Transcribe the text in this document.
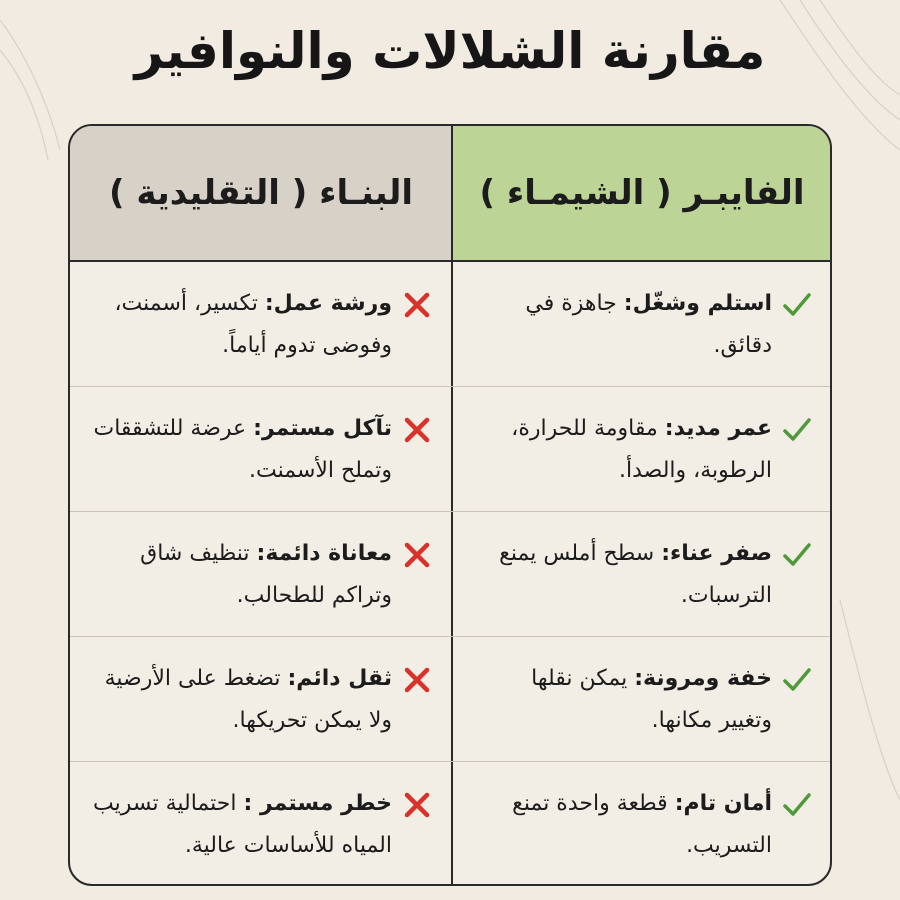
مقارنة الشلالات والنوافير
الفايبـر ( الشيمـاء )
البنـاء ( التقليدية )
استلم وشغّل: جاهزة في دقائق.
ورشة عمل: تكسير، أسمنت، وفوضى تدوم أياماً.
عمر مديد: مقاومة للحرارة، الرطوبة، والصدأ.
تآكل مستمر: عرضة للتشققات وتملح الأسمنت.
صفر عناء: سطح أملس يمنع الترسبات.
معاناة دائمة: تنظيف شاق وتراكم للطحالب.
خفة ومرونة: يمكن نقلها وتغيير مكانها.
ثقل دائم: تضغط على الأرضية ولا يمكن تحريكها.
أمان تام: قطعة واحدة تمنع التسريب.
خطر مستمر : احتمالية تسريب المياه للأساسات عالية.
